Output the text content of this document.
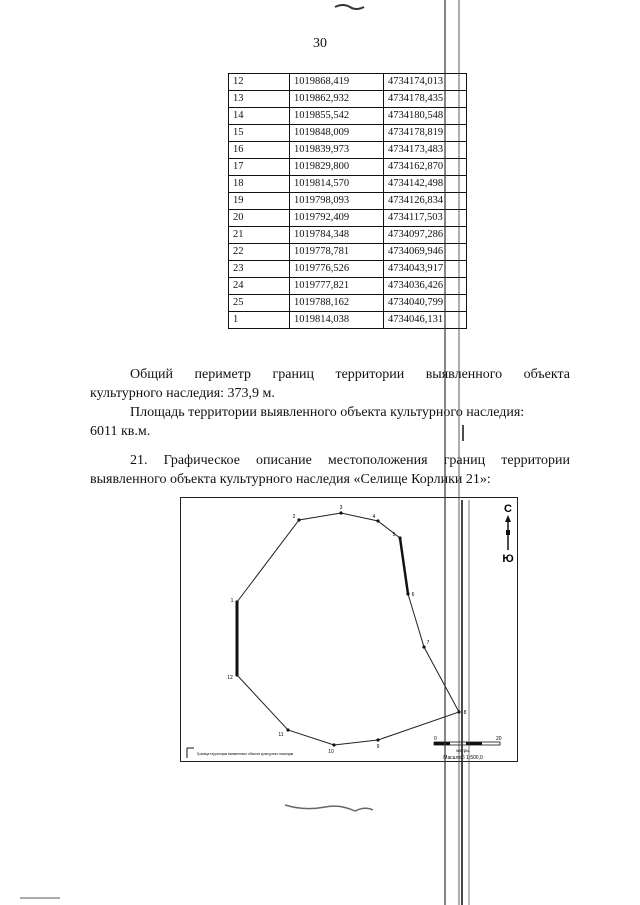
30
12	1019868,419	4734174,013
13	1019862,932	4734178,435
14	1019855,542	4734180,548
15	1019848,009	4734178,819
16	1019839,973	4734173,483
17	1019829,800	4734162,870
18	1019814,570	4734142,498
19	1019798,093	4734126,834
20	1019792,409	4734117,503
21	1019784,348	4734097,286
22	1019778,781	4734069,946
23	1019776,526	4734043,917
24	1019777,821	4734036,426
25	1019788,162	4734040,799
1	1019814,038	4734046,131
Общий периметр границ территории выявленного объекта
культурного наследия: 373,9 м.
Площадь территории выявленного объекта культурного наследия:
6011 кв.м.
21. Графическое описание местоположения границ территории
выявленного объекта культурного наследия «Селище Корлики 21»:
1
2
3
4
5
6
7
8
9
10
11
12
С
Ю
0	20
метры
Масштаб 1:500,0
Граница территории выявленного объекта культурного наследия
